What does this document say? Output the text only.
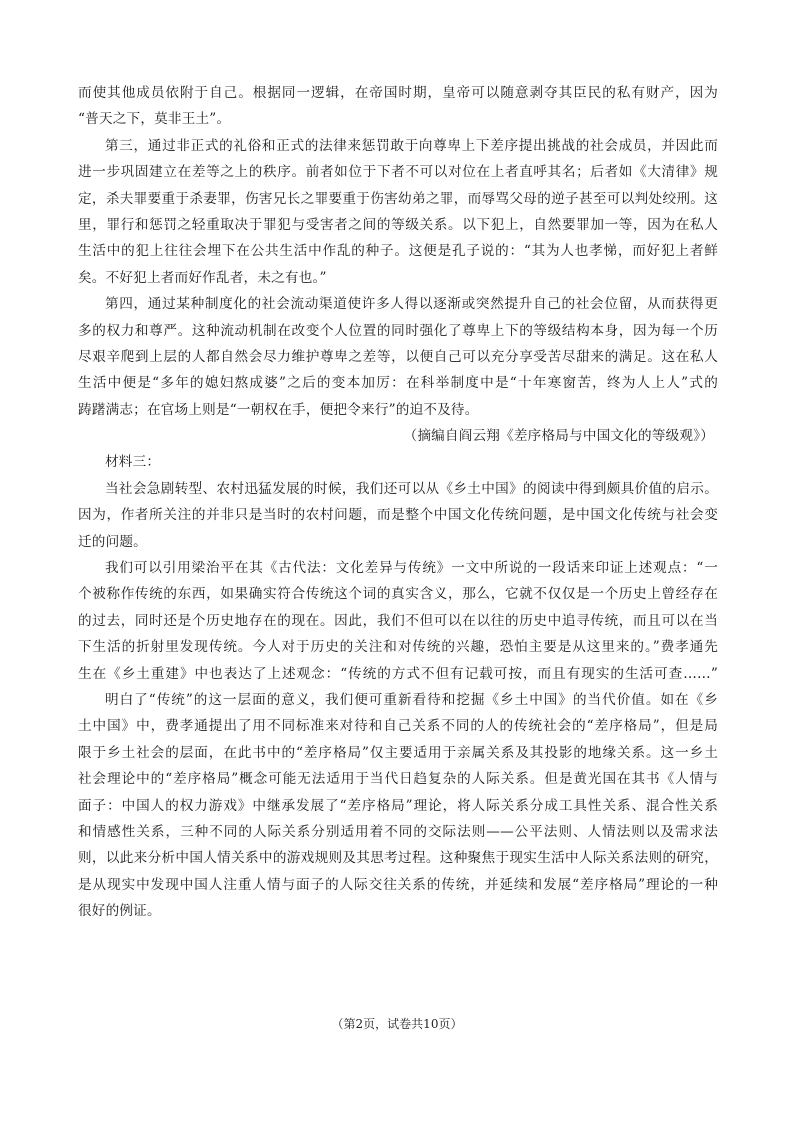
而使其他成员依附于自己。根据同一逻辑，在帝国时期，皇帝可以随意剥夺其臣民的私有财产，因为
“普天之下，莫非王土”。
第三，通过非正式的礼俗和正式的法律来惩罚敢于向尊卑上下差序提出挑战的社会成员，并因此而
进一步巩固建立在差等之上的秩序。前者如位于下者不可以对位在上者直呼其名；后者如《大清律》规
定，杀夫罪要重于杀妻罪，伤害兄长之罪要重于伤害幼弟之罪，而辱骂父母的逆子甚至可以判处绞刑。这
里，罪行和惩罚之轻重取决于罪犯与受害者之间的等级关系。以下犯上，自然要罪加一等，因为在私人
生活中的犯上往往会埋下在公共生活中作乱的种子。这便是孔子说的：“其为人也孝悌，而好犯上者鲜
矣。不好犯上者而好作乱者，未之有也。”
第四，通过某种制度化的社会流动渠道使许多人得以逐渐或突然提升自己的社会位留，从而获得更
多的权力和尊严。这种流动机制在改变个人位置的同时强化了尊卑上下的等级结构本身，因为每一个历
尽艰辛爬到上层的人都自然会尽力维护尊卑之差等，以便自己可以充分享受苦尽甜来的满足。这在私人
生活中便是“多年的媳妇熬成婆”之后的变本加厉：在科举制度中是“十年寒窗苦，终为人上人”式的
踌躇满志；在官场上则是“一朝权在手，便把令来行”的迫不及待。
（摘编自阎云翔《差序格局与中国文化的等级观》）
材料三：
当社会急剧转型、农村迅猛发展的时候，我们还可以从《乡土中国》的阅读中得到颇具价值的启示。
因为，作者所关注的并非只是当时的农村问题，而是整个中国文化传统问题，是中国文化传统与社会变
迁的问题。
我们可以引用梁治平在其《古代法：文化差异与传统》一文中所说的一段话来印证上述观点：“一
个被称作传统的东西，如果确实符合传统这个词的真实含义，那么，它就不仅仅是一个历史上曾经存在
的过去，同时还是个历史地存在的现在。因此，我们不但可以在以往的历史中追寻传统，而且可以在当
下生活的折射里发现传统。今人对于历史的关注和对传统的兴趣，恐怕主要是从这里来的。”费孝通先
生在《乡土重建》中也表达了上述观念：“传统的方式不但有记载可按，而且有现实的生活可查……”
明白了“传统”的这一层面的意义，我们便可重新看待和挖掘《乡土中国》的当代价值。如在《乡
土中国》中，费孝通提出了用不同标准来对待和自己关系不同的人的传统社会的“差序格局”，但是局
限于乡土社会的层面，在此书中的“差序格局”仅主要适用于亲属关系及其投影的地缘关系。这一乡土
社会理论中的“差序格局”概念可能无法适用于当代日趋复杂的人际关系。但是黄光国在其书《人情与
面子：中国人的权力游戏》中继承发展了“差序格局”理论，将人际关系分成工具性关系、混合性关系
和情感性关系，三种不同的人际关系分别适用着不同的交际法则——公平法则、人情法则以及需求法
则，以此来分析中国人情关系中的游戏规则及其思考过程。这种聚焦于现实生活中人际关系法则的研究，
是从现实中发现中国人注重人情与面子的人际交往关系的传统，并延续和发展“差序格局”理论的一种
很好的例证。
（第2页，试卷共10页）
